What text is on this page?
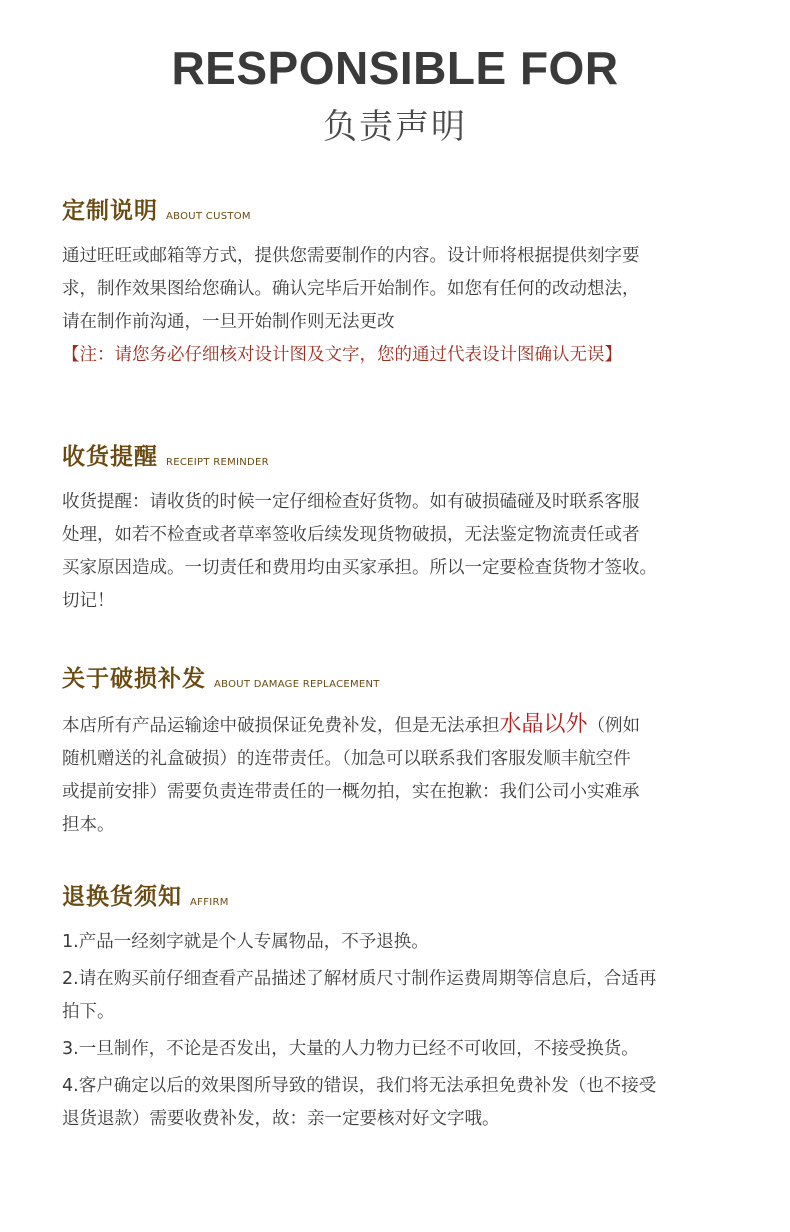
RESPONSIBLE FOR
负责声明
定制说明 ABOUT CUSTOM

通过旺旺或邮箱等方式，提供您需要制作的内容。设计师将根据提供刻字要

求，制作效果图给您确认。确认完毕后开始制作。如您有任何的改动想法，

请在制作前沟通，一旦开始制作则无法更改

【注：请您务必仔细核对设计图及文字，您的通过代表设计图确认无误】

收货提醒 RECEIPT REMINDER

收货提醒：请收货的时候一定仔细检查好货物。如有破损磕碰及时联系客服

处理，如若不检查或者草率签收后续发现货物破损，无法鉴定物流责任或者

买家原因造成。一切责任和费用均由买家承担。所以一定要检查货物才签收。

切记！

关于破损补发 ABOUT DAMAGE REPLACEMENT

本店所有产品运输途中破损保证免费补发，但是无法承担水晶以外（例如

随机赠送的礼盒破损）的连带责任。（加急可以联系我们客服发顺丰航空件

或提前安排）需要负责连带责任的一概勿拍，实在抱歉：我们公司小实难承

担本。

退换货须知 AFFIRM

1.产品一经刻字就是个人专属物品，不予退换。

2.请在购买前仔细查看产品描述了解材质尺寸制作运费周期等信息后，合适再
拍下。

3.一旦制作，不论是否发出，大量的人力物力已经不可收回，不接受换货。

4.客户确定以后的效果图所导致的错误，我们将无法承担免费补发（也不接受
退货退款）需要收费补发，故：亲一定要核对好文字哦。
